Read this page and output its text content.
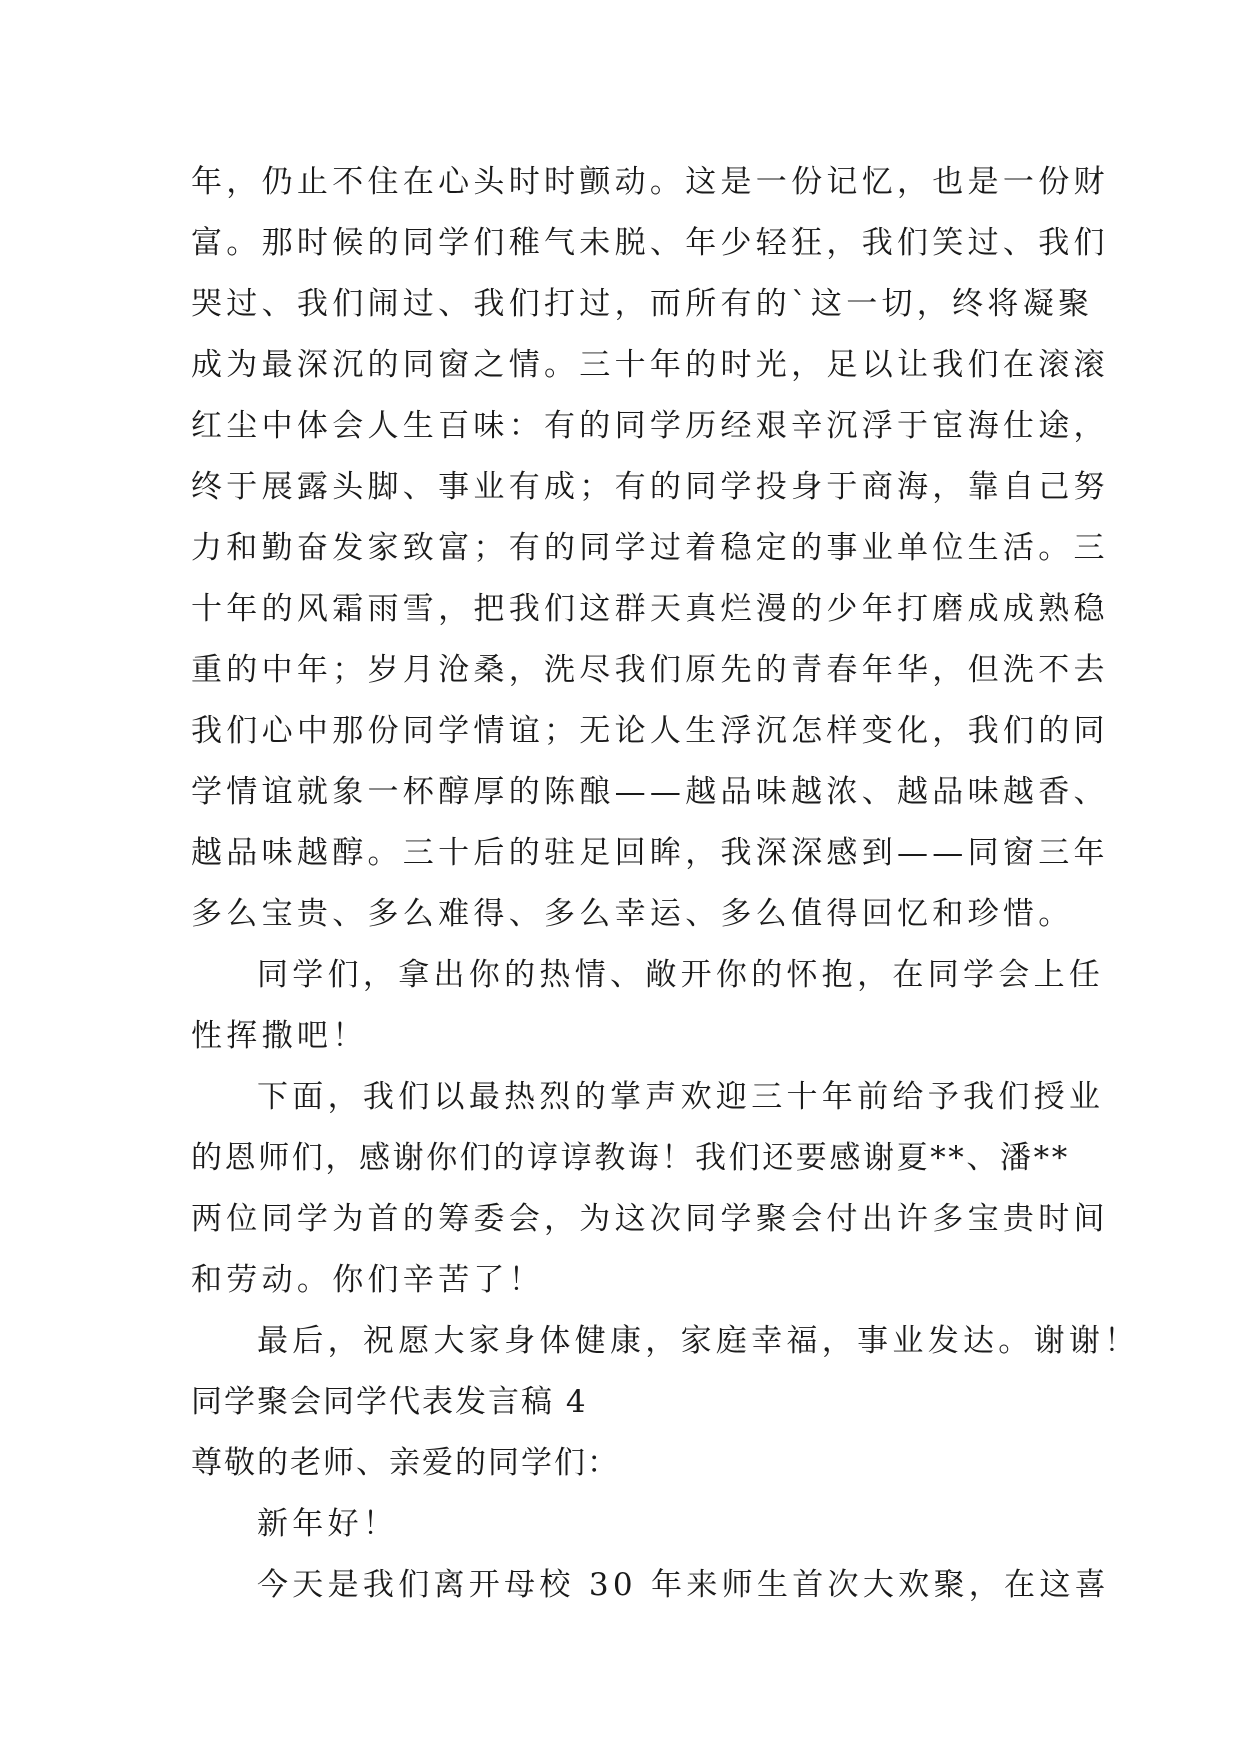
年，仍止不住在心头时时颤动。这是一份记忆，也是一份财
富。那时候的同学们稚气未脱、年少轻狂，我们笑过、我们
哭过、我们闹过、我们打过，而所有的`这一切，终将凝聚
成为最深沉的同窗之情。三十年的时光，足以让我们在滚滚
红尘中体会人生百味：有的同学历经艰辛沉浮于宦海仕途，
终于展露头脚、事业有成；有的同学投身于商海，靠自己努
力和勤奋发家致富；有的同学过着稳定的事业单位生活。三
十年的风霜雨雪，把我们这群天真烂漫的少年打磨成成熟稳
重的中年；岁月沧桑，洗尽我们原先的青春年华，但洗不去
我们心中那份同学情谊；无论人生浮沉怎样变化，我们的同
学情谊就象一杯醇厚的陈酿——越品味越浓、越品味越香、
越品味越醇。三十后的驻足回眸，我深深感到——同窗三年
多么宝贵、多么难得、多么幸运、多么值得回忆和珍惜。
同学们，拿出你的热情、敞开你的怀抱，在同学会上任
性挥撒吧！
下面，我们以最热烈的掌声欢迎三十年前给予我们授业
的恩师们，感谢你们的谆谆教诲！我们还要感谢夏**、潘**
两位同学为首的筹委会，为这次同学聚会付出许多宝贵时间
和劳动。你们辛苦了！
最后，祝愿大家身体健康，家庭幸福，事业发达。谢谢！
同学聚会同学代表发言稿 4
尊敬的老师、亲爱的同学们：
新年好！
今天是我们离开母校 30 年来师生首次大欢聚，在这喜
